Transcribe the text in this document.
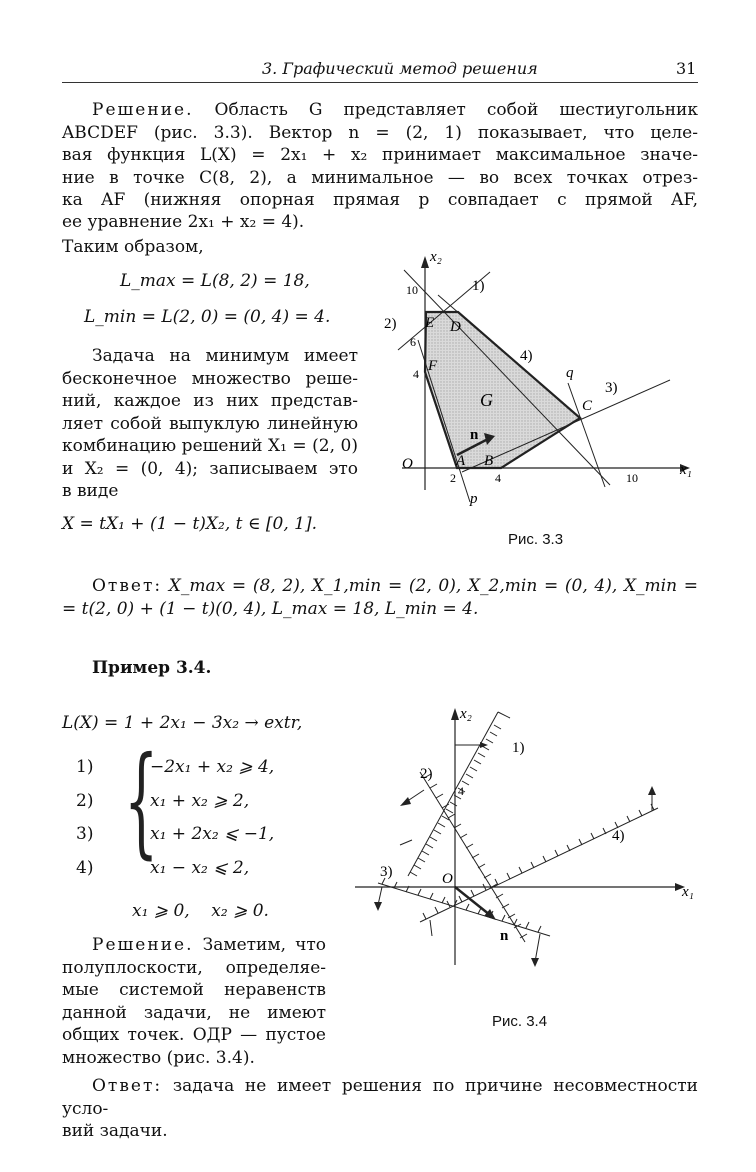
3. Графический метод решения	31
Решение. Область G представляет собой шестиугольник
ABCDEF (рис. 3.3). Вектор n = (2, 1) показывает, что целе-
вая функция L(X) = 2x₁ + x₂ принимает максимальное значе-
ние в точке C(8, 2), а минимальное — во всех точках отрез-
ка AF (нижняя опорная прямая p совпадает с прямой AF,
ее уравнение 2x₁ + x₂ = 4).
Таким образом,
L_max = L(8, 2) = 18,
L_min = L(2, 0) = (0, 4) = 4.
Задача на минимум имеет
бесконечное множество реше-
ний, каждое из них представ-
ляет собой выпуклую линейную
комбинацию решений X₁ = (2, 0)
и X₂ = (0, 4); записываем это
в виде
X = tX₁ + (1 − t)X₂, t ∈ [0, 1].
x₂
x₁
O	A B
C
D
E
F
G
n
p
q
1)
2)
3)
4)
10
6
4
2	4	10
Рис. 3.3
Ответ: X_max = (8, 2), X_1,min = (2, 0), X_2,min = (0, 4), X_min =
= t(2, 0) + (1 − t)(0, 4), L_max = 18, L_min = 4.
Пример 3.4.
L(X) = 1 + 2x₁ − 3x₂ → extr,
1)
2)
3)
4) {
−2x₁ + x₂ ⩾ 4,
x₁ + x₂ ⩾ 2,
x₁ + 2x₂ ⩽ −1,
x₁ − x₂ ⩽ 2,
x₁ ⩾ 0,    x₂ ⩾ 0.
Решение. Заметим, что
полуплоскости, определяе-
мые системой неравенств
данной задачи, не имеют
общих точек. ОДР — пустое
множество (рис. 3.4).
x₂
x₁
O
n
1)
2)
3)
4)
4
Рис. 3.4
Ответ: задача не имеет решения по причине несовместности усло-
вий задачи.
